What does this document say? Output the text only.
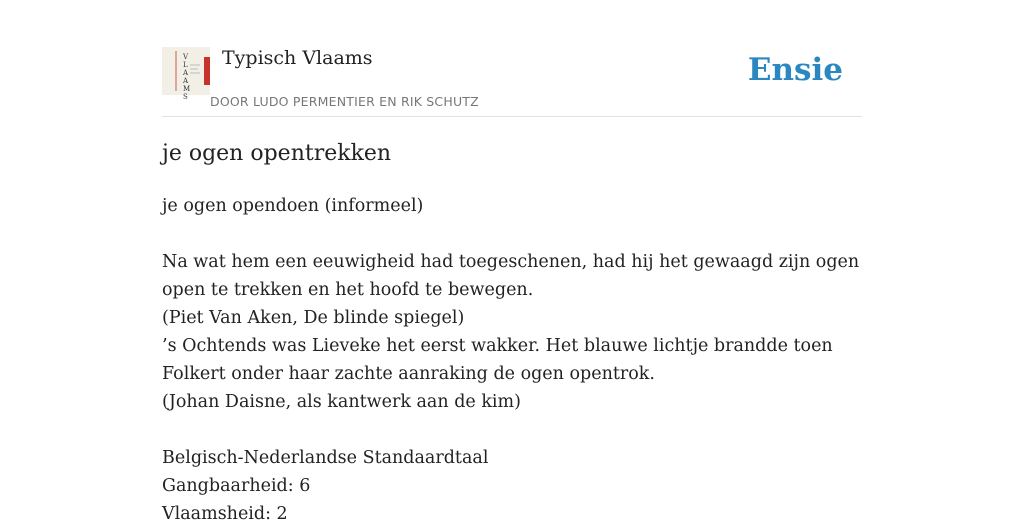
V
L
A
A
M
S
Typisch Vlaams
DOOR LUDO PERMENTIER EN RIK SCHUTZ
Ensie
je ogen opentrekken

je ogen opendoen (informeel)

Na wat hem een eeuwigheid had toegeschenen, had hij het gewaagd zijn ogen

open te trekken en het hoofd te bewegen.

(Piet Van Aken, De blinde spiegel)

’s Ochtends was Lieveke het eerst wakker. Het blauwe lichtje brandde toen

Folkert onder haar zachte aanraking de ogen opentrok.

(Johan Daisne, als kantwerk aan de kim)

Belgisch-Nederlandse Standaardtaal

Gangbaarheid: 6

Vlaamsheid: 2
